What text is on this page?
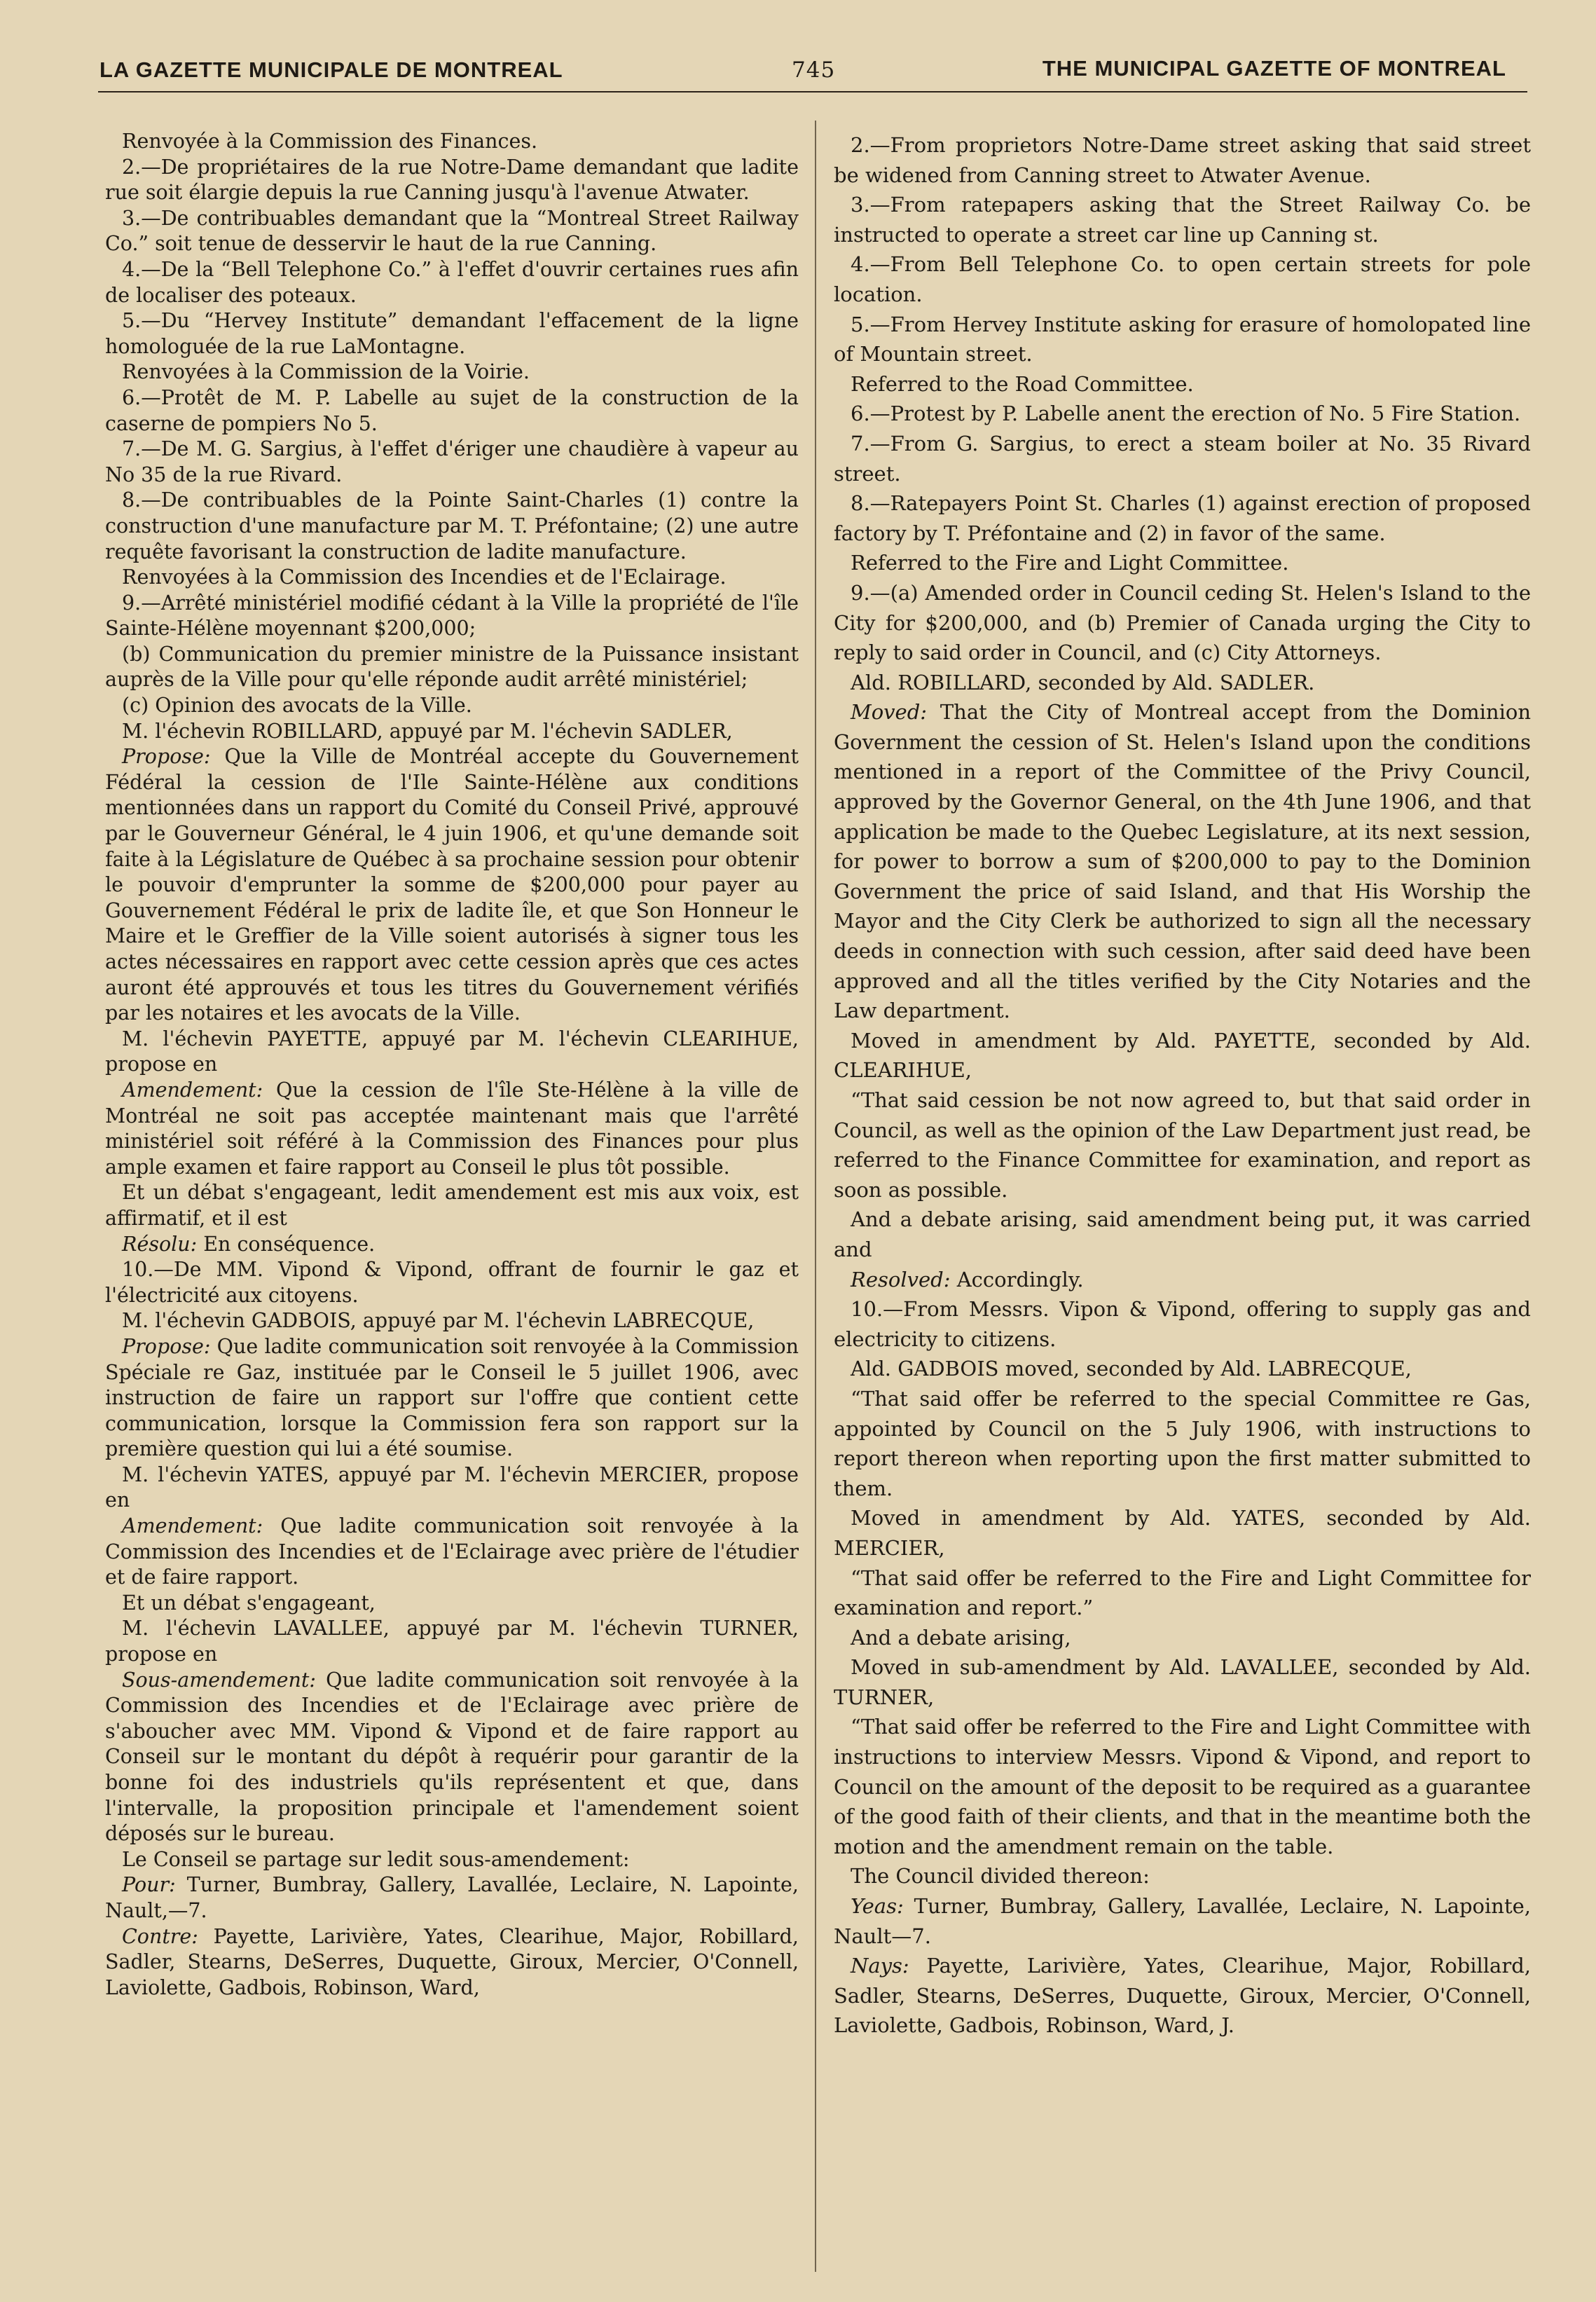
LA GAZETTE MUNICIPALE DE MONTREAL	745	THE MUNICIPAL GAZETTE OF MONTREAL

Renvoyée à la Commission des Finances.

2.—De propriétaires de la rue Notre-Dame demandant que ladite rue soit élargie depuis la rue Canning jusqu'à l'avenue Atwater.

3.—De contribuables demandant que la “Montreal Street Railway Co.” soit tenue de desservir le haut de la rue Canning.

4.—De la “Bell Telephone Co.” à l'effet d'ouvrir certaines rues afin de localiser des poteaux.

5.—Du “Hervey Institute” demandant l'effacement de la ligne homologuée de la rue LaMontagne.

Renvoyées à la Commission de la Voirie.

6.—Protêt de M. P. Labelle au sujet de la construction de la caserne de pompiers No 5.

7.—De M. G. Sargius, à l'effet d'ériger une chaudière à vapeur au No 35 de la rue Rivard.

8.—De contribuables de la Pointe Saint-Charles (1) contre la construction d'une manufacture par M. T. Préfontaine; (2) une autre requête favorisant la construction de ladite manufacture.

Renvoyées à la Commission des Incendies et de l'Eclairage.

9.—Arrêté ministériel modifié cédant à la Ville la propriété de l'île Sainte-Hélène moyennant $200,000;

(b) Communication du premier ministre de la Puissance insistant auprès de la Ville pour qu'elle réponde audit arrêté ministériel;

(c) Opinion des avocats de la Ville.

M. l'échevin ROBILLARD, appuyé par M. l'échevin SADLER,

Propose: Que la Ville de Montréal accepte du Gouvernement Fédéral la cession de l'Ile Sainte-Hélène aux conditions mentionnées dans un rapport du Comité du Conseil Privé, approuvé par le Gouverneur Général, le 4 juin 1906, et qu'une demande soit faite à la Législature de Québec à sa prochaine session pour obtenir le pouvoir d'emprunter la somme de $200,000 pour payer au Gouvernement Fédéral le prix de ladite île, et que Son Honneur le Maire et le Greffier de la Ville soient autorisés à signer tous les actes nécessaires en rapport avec cette cession après que ces actes auront été approuvés et tous les titres du Gouvernement vérifiés par les notaires et les avocats de la Ville.

M. l'échevin PAYETTE, appuyé par M. l'échevin CLEARIHUE, propose en

Amendement: Que la cession de l'île Ste-Hélène à la ville de Montréal ne soit pas acceptée maintenant mais que l'arrêté ministériel soit référé à la Commission des Finances pour plus ample examen et faire rapport au Conseil le plus tôt possible.

Et un débat s'engageant, ledit amendement est mis aux voix, est affirmatif, et il est

Résolu: En conséquence.

10.—De MM. Vipond & Vipond, offrant de fournir le gaz et l'électricité aux citoyens.

M. l'échevin GADBOIS, appuyé par M. l'échevin LABRECQUE,

Propose: Que ladite communication soit renvoyée à la Commission Spéciale re Gaz, instituée par le Conseil le 5 juillet 1906, avec instruction de faire un rapport sur l'offre que contient cette communication, lorsque la Commission fera son rapport sur la première question qui lui a été soumise.

M. l'échevin YATES, appuyé par M. l'échevin MERCIER, propose en

Amendement: Que ladite communication soit renvoyée à la Commission des Incendies et de l'Eclairage avec prière de l'étudier et de faire rapport.

Et un débat s'engageant,

M. l'échevin LAVALLEE, appuyé par M. l'échevin TURNER, propose en

Sous-amendement: Que ladite communication soit renvoyée à la Commission des Incendies et de l'Eclairage avec prière de s'aboucher avec MM. Vipond & Vipond et de faire rapport au Conseil sur le montant du dépôt à requérir pour garantir de la bonne foi des industriels qu'ils représentent et que, dans l'intervalle, la proposition principale et l'amendement soient déposés sur le bureau.

Le Conseil se partage sur ledit sous-amendement:

Pour: Turner, Bumbray, Gallery, Lavallée, Leclaire, N. Lapointe, Nault,—7.

Contre: Payette, Larivière, Yates, Clearihue, Major, Robillard, Sadler, Stearns, DeSerres, Duquette, Giroux, Mercier, O'Connell, Laviolette, Gadbois, Robinson, Ward,

2.—From proprietors Notre-Dame street asking that said street be widened from Canning street to Atwater Avenue.

3.—From ratepapers asking that the Street Railway Co. be instructed to operate a street car line up Canning st.

4.—From Bell Telephone Co. to open certain streets for pole location.

5.—From Hervey Institute asking for erasure of homolopated line of Mountain street.

Referred to the Road Committee.

6.—Protest by P. Labelle anent the erection of No. 5 Fire Station.

7.—From G. Sargius, to erect a steam boiler at No. 35 Rivard street.

8.—Ratepayers Point St. Charles (1) against erection of proposed factory by T. Préfontaine and (2) in favor of the same.

Referred to the Fire and Light Committee.

9.—(a) Amended order in Council ceding St. Helen's Island to the City for $200,000, and (b) Premier of Canada urging the City to reply to said order in Council, and (c) City Attorneys.

Ald. ROBILLARD, seconded by Ald. SADLER.

Moved: That the City of Montreal accept from the Dominion Government the cession of St. Helen's Island upon the conditions mentioned in a report of the Committee of the Privy Council, approved by the Governor General, on the 4th June 1906, and that application be made to the Quebec Legislature, at its next session, for power to borrow a sum of $200,000 to pay to the Dominion Government the price of said Island, and that His Worship the Mayor and the City Clerk be authorized to sign all the necessary deeds in connection with such cession, after said deed have been approved and all the titles verified by the City Notaries and the Law department.

Moved in amendment by Ald. PAYETTE, seconded by Ald. CLEARIHUE,

“That said cession be not now agreed to, but that said order in Council, as well as the opinion of the Law Department just read, be referred to the Finance Committee for examination, and report as soon as possible.

And a debate arising, said amendment being put, it was carried and

Resolved: Accordingly.

10.—From Messrs. Vipon & Vipond, offering to supply gas and electricity to citizens.

Ald. GADBOIS moved, seconded by Ald. LABRECQUE,

“That said offer be referred to the special Committee re Gas, appointed by Council on the 5 July 1906, with instructions to report thereon when reporting upon the first matter submitted to them.

Moved in amendment by Ald. YATES, seconded by Ald. MERCIER,

“That said offer be referred to the Fire and Light Committee for examination and report.”

And a debate arising,

Moved in sub-amendment by Ald. LAVALLEE, seconded by Ald. TURNER,

“That said offer be referred to the Fire and Light Committee with instructions to interview Messrs. Vipond & Vipond, and report to Council on the amount of the deposit to be required as a guarantee of the good faith of their clients, and that in the meantime both the motion and the amendment remain on the table.

The Council divided thereon:

Yeas: Turner, Bumbray, Gallery, Lavallée, Leclaire, N. Lapointe, Nault—7.

Nays: Payette, Larivière, Yates, Clearihue, Major, Robillard, Sadler, Stearns, DeSerres, Duquette, Giroux, Mercier, O'Connell, Laviolette, Gadbois, Robinson, Ward, J.
